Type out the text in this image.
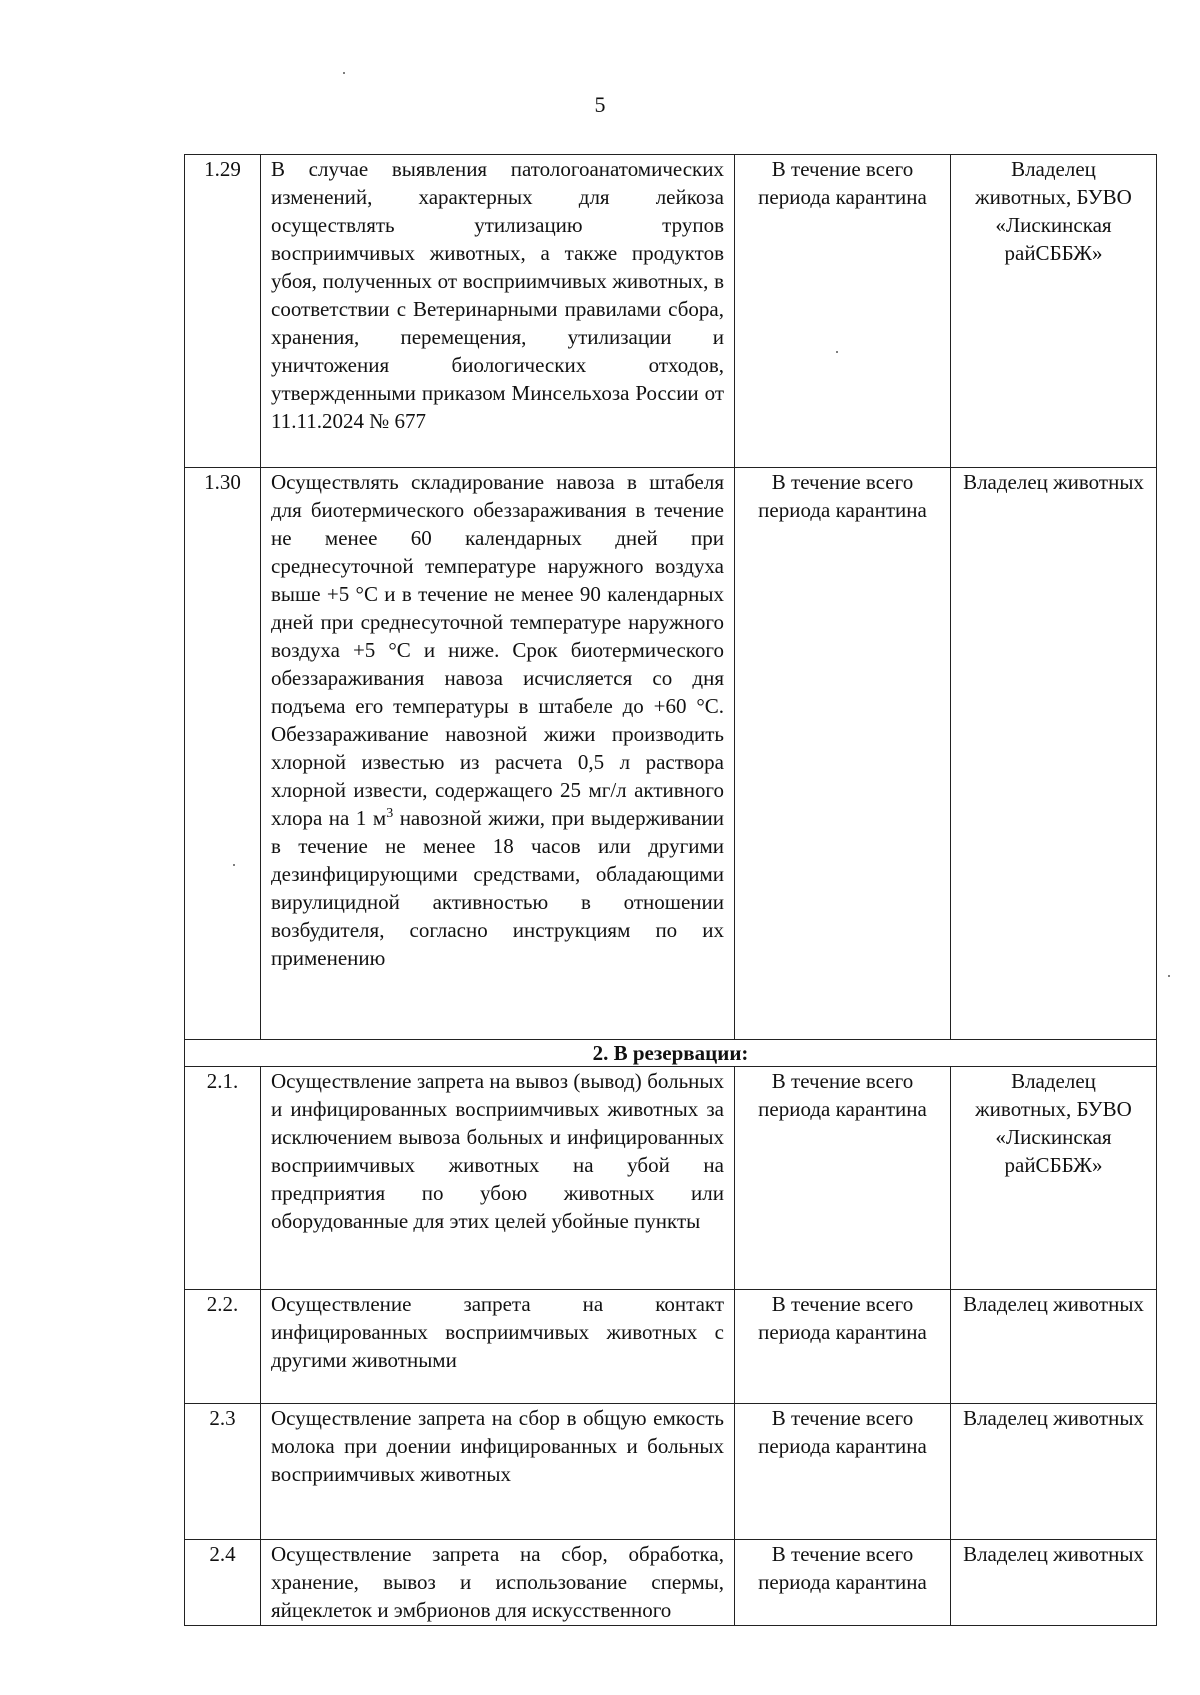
5
1.29	В случае выявления патологоанатомических изменений, характерных для лейкоза осуществлять утилизацию трупов восприимчивых животных, а также продуктов убоя, полученных от восприимчивых животных, в соответствии с Ветеринарными правилами сбора, хранения, перемещения, утилизации и уничтожения биологических отходов, утвержденными приказом Минсельхоза России от 11.11.2024 № 677	В течение всего периода карантина	Владелец животных, БУВО «Лискинская райСББЖ»
1.30	Осуществлять складирование навоза в штабеля для биотермического обеззараживания в течение не менее 60 календарных дней при среднесуточной температуре наружного воздуха выше +5 °С и в течение не менее 90 календарных дней при среднесуточной температуре наружного воздуха +5 °С и ниже. Срок биотермического обеззараживания навоза исчисляется со дня подъема его температуры в штабеле до +60 °С. Обеззараживание навозной жижи производить хлорной известью из расчета 0,5 л раствора хлорной извести, содержащего 25 мг/л активного хлора на 1 $м^3$ навозной жижи, при выдерживании в течение не менее 18 часов или другими дезинфицирующими средствами, обладающими вирулицидной активностью в отношении возбудителя, согласно инструкциям по их применению	В течение всего периода карантина	Владелец животных
2. В резервации:			
2.1.	Осуществление запрета на вывоз (вывод) больных и инфицированных восприимчивых животных за исключением вывоза больных и инфицированных восприимчивых животных на убой на предприятия по убою животных или оборудованные для этих целей убойные пункты	В течение всего периода карантина	Владелец животных, БУВО «Лискинская райСББЖ»
2.2.	Осуществление запрета на контакт инфицированных восприимчивых животных с другими животными	В течение всего периода карантина	Владелец животных
2.3	Осуществление запрета на сбор в общую емкость молока при доении инфицированных и больных восприимчивых животных	В течение всего периода карантина	Владелец животных
2.4	Осуществление запрета на сбор, обработка, хранение, вывоз и использование спермы, яйцеклеток и эмбрионов для искусственного	В течение всего периода карантина	Владелец животных
